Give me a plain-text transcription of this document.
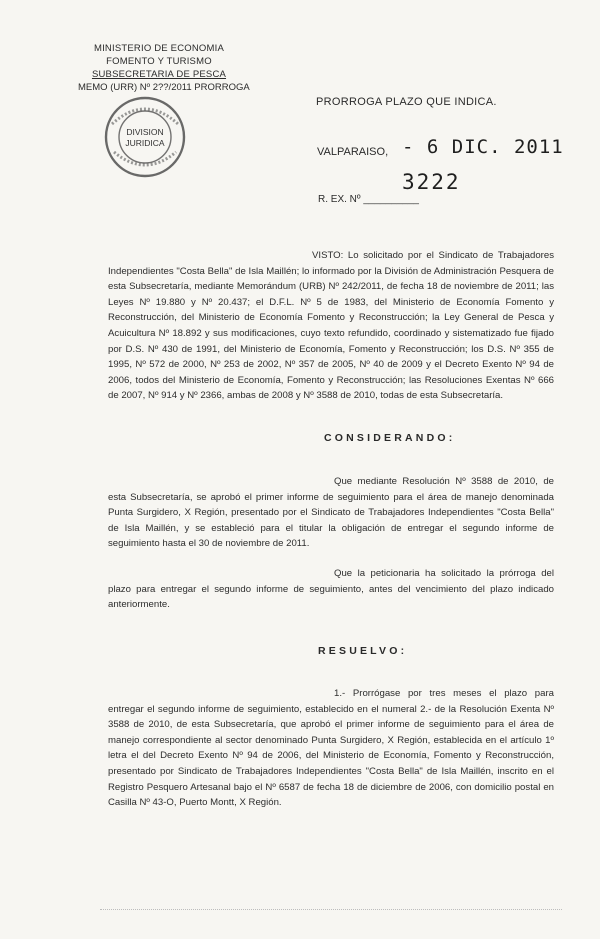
MINISTERIO DE ECONOMIA
FOMENTO Y TURISMO
SUBSECRETARIA DE PESCA
MEMO (URR) Nº 2??/2011 PRORROGA
DIVISION
JURIDICA
PRORROGA PLAZO QUE INDICA.
VALPARAISO, - 6 DIC. 2011
3222
R. EX. Nº __________
VISTO: Lo solicitado por el Sindicato de Trabajadores Independientes "Costa Bella" de Isla Maillén; lo informado por la División de Administración Pesquera de esta Subsecretaría, mediante Memorándum (URB) Nº 242/2011, de fecha 18 de noviembre de 2011; las Leyes Nº 19.880 y Nº 20.437; el D.F.L. Nº 5 de 1983, del Ministerio de Economía Fomento y Reconstrucción, del Ministerio de Economía Fomento y Reconstrucción; la Ley General de Pesca y Acuicultura Nº 18.892 y sus modificaciones, cuyo texto refundido, coordinado y sistematizado fue fijado por D.S. Nº 430 de 1991, del Ministerio de Economía, Fomento y Reconstrucción; los D.S. Nº 355 de 1995, Nº 572 de 2000, Nº 253 de 2002, Nº 357 de 2005, Nº 40 de 2009 y el Decreto Exento Nº 94 de 2006, todos del Ministerio de Economía, Fomento y Reconstrucción; las Resoluciones Exentas Nº 666 de 2007, Nº 914 y Nº 2366, ambas de 2008 y Nº 3588 de 2010, todas de esta Subsecretaría.
CONSIDERANDO:
Que mediante Resolución Nº 3588 de 2010, de esta Subsecretaría, se aprobó el primer informe de seguimiento para el área de manejo denominada Punta Surgidero, X Región, presentado por el Sindicato de Trabajadores Independientes "Costa Bella" de Isla Maillén, y se estableció para el titular la obligación de entregar el segundo informe de seguimiento hasta el 30 de noviembre de 2011.
Que la peticionaria ha solicitado la prórroga del plazo para entregar el segundo informe de seguimiento, antes del vencimiento del plazo indicado anteriormente.
RESUELVO:
1.- Prorrógase por tres meses el plazo para entregar el segundo informe de seguimiento, establecido en el numeral 2.- de la Resolución Exenta Nº 3588 de 2010, de esta Subsecretaría, que aprobó el primer informe de seguimiento para el área de manejo correspondiente al sector denominado Punta Surgidero, X Región, establecida en el artículo 1º letra el del Decreto Exento Nº 94 de 2006, del Ministerio de Economía, Fomento y Reconstrucción, presentado por Sindicato de Trabajadores Independientes "Costa Bella" de Isla Maillén, inscrito en el Registro Pesquero Artesanal bajo el Nº 6587 de fecha 18 de diciembre de 2006, con domicilio postal en Casilla Nº 43-O, Puerto Montt, X Región.
